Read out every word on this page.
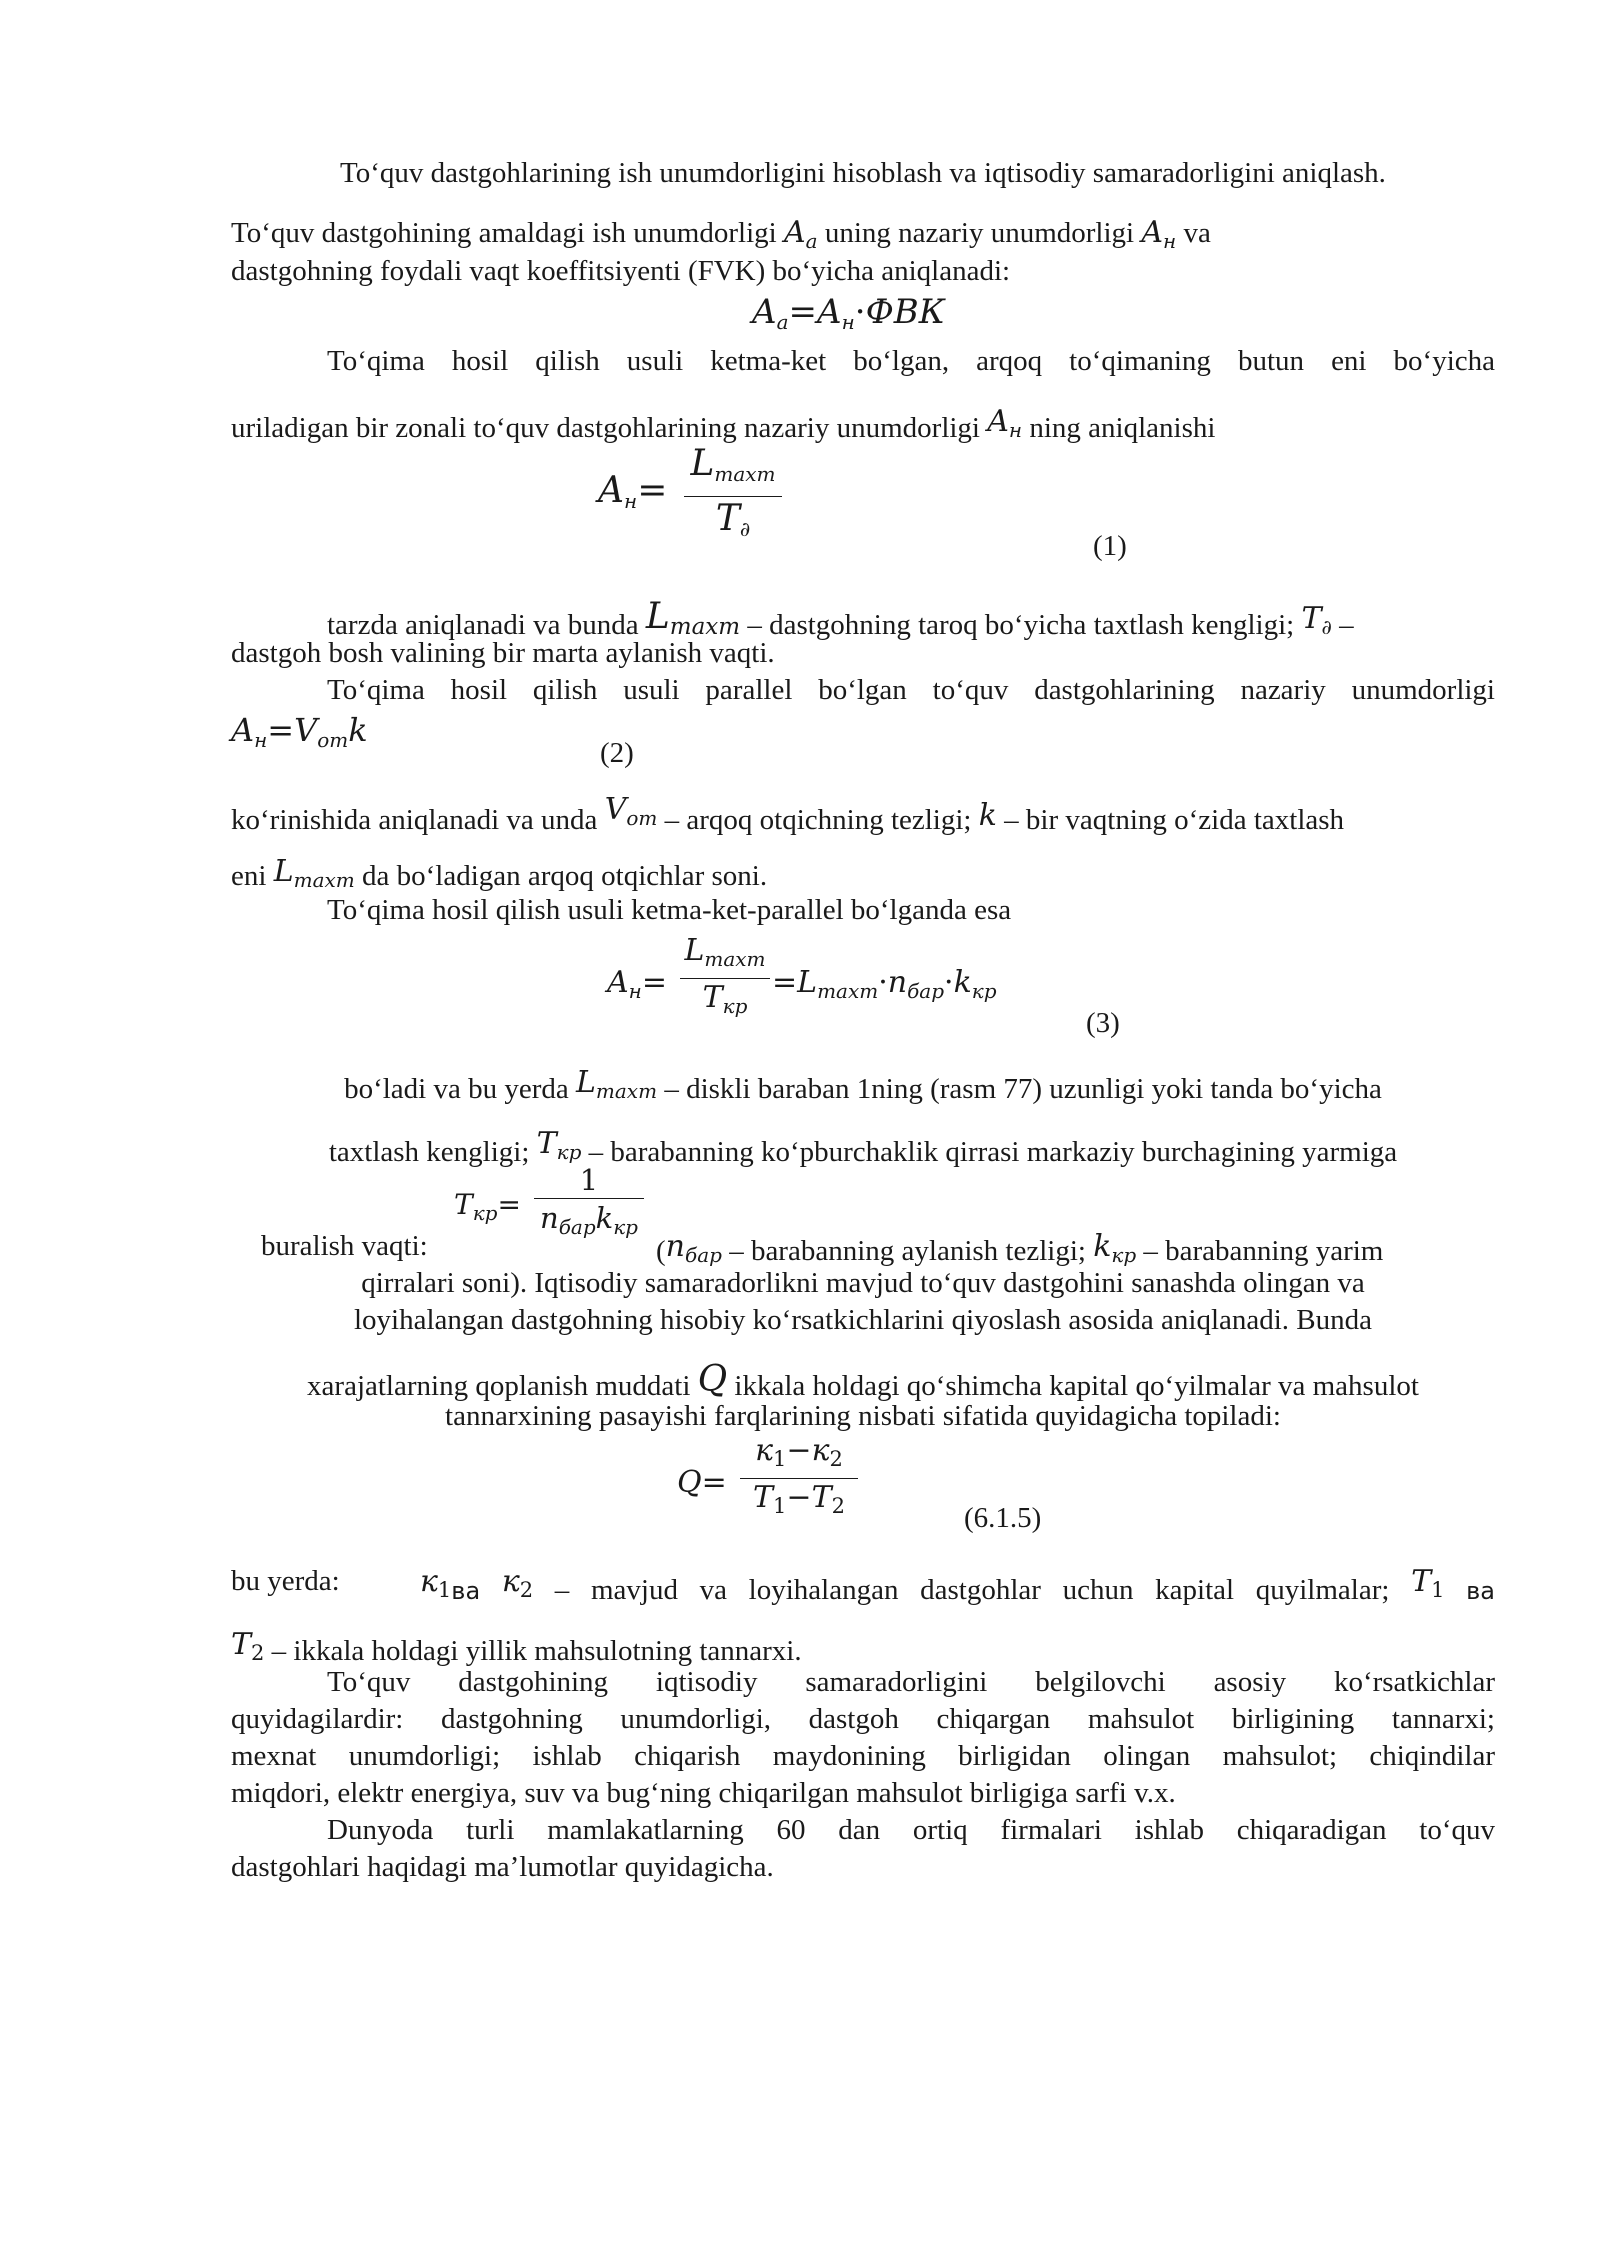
To‘quv dastgohlarining ish unumdorligini hisoblash va iqtisodiy samaradorligini aniqlash.
To‘quv dastgohining amaldagi ish unumdorligi $A_а$ uning nazariy unumdorligi $A_н$ va
dastgohning foydali vaqt koeffitsiyenti (FVK) bo‘yicha aniqlanadi:
$A_а=A_н\cdot ФВК$
To‘qima hosil qilish usuli ketma-ket bo‘lgan, arqoq to‘qimaning butun eni bo‘yicha
uriladigan bir zonali to‘quv dastgohlarining nazariy unumdorligi $A_н$ ning aniqlanishi
$A_н=$
$L_{maxт}$
$T_\partial$
(1)
tarzda aniqlanadi va bunda $L_{maxт}$ – dastgohning taroq bo‘yicha taxtlash kengligi; $T_\partial$ –
dastgoh bosh valining bir marta aylanish vaqti.
To‘qima hosil qilish usuli parallel bo‘lgan to‘quv dastgohlarining nazariy unumdorligi
$A_н=V_{от}k$
(2)
ko‘rinishida aniqlanadi va unda $V_{от}$ – arqoq otqichning tezligi; k – bir vaqtning o‘zida taxtlash
eni $L_{maxт}$ da bo‘ladigan arqoq otqichlar soni.
To‘qima hosil qilish usuli ketma-ket-parallel bo‘lganda esa
$A_н=$
$L_{maxт}$
$T_{кр}$
$=L_{maxт}\cdot n_{бар}\cdot k_{кр}$
(3)
bo‘ladi va bu yerda $L_{maxт}$ – diskli baraban 1ning (rasm 77) uzunligi yoki tanda bo‘yicha
taxtlash kengligi; $T_{кр}$ – barabanning ko‘pburchaklik qirrasi markaziy burchagining yarmiga
$T_{кр}=$
1
$n_{бар}k_{кр}$
buralish vaqti:	($n_{бар}$ – barabanning aylanish tezligi; $k_{кр}$ – barabanning yarim
qirralari soni). Iqtisodiy samaradorlikni mavjud to‘quv dastgohini sanashda olingan va
loyihalangan dastgohning hisobiy ko‘rsatkichlarini qiyoslash asosida aniqlanadi. Bunda
xarajatlarning qoplanish muddati Q ikkala holdagi qo‘shimcha kapital qo‘yilmalar va mahsulot
tannarxining pasayishi farqlarining nisbati sifatida quyidagicha topiladi:
Q=
$к_1-к_2$
$T_1-T_2$	(6.1.5)
bu yerda:	$к_1ва$ $к_2$ – mavjud va loyihalangan dastgohlar uchun kapital quyilmalar; $T_1$ ва
$T_2$ – ikkala holdagi yillik mahsulotning tannarxi.
To‘quv dastgohining iqtisodiy samaradorligini belgilovchi asosiy ko‘rsatkichlar
quyidagilardir: dastgohning unumdorligi, dastgoh chiqargan mahsulot birligining tannarxi;
mexnat unumdorligi; ishlab chiqarish maydonining birligidan olingan mahsulot; chiqindilar
miqdori, elektr energiya, suv va bug‘ning chiqarilgan mahsulot birligiga sarfi v.x.
Dunyoda turli mamlakatlarning 60 dan ortiq firmalari ishlab chiqaradigan to‘quv
dastgohlari haqidagi ma’lumotlar quyidagicha.
